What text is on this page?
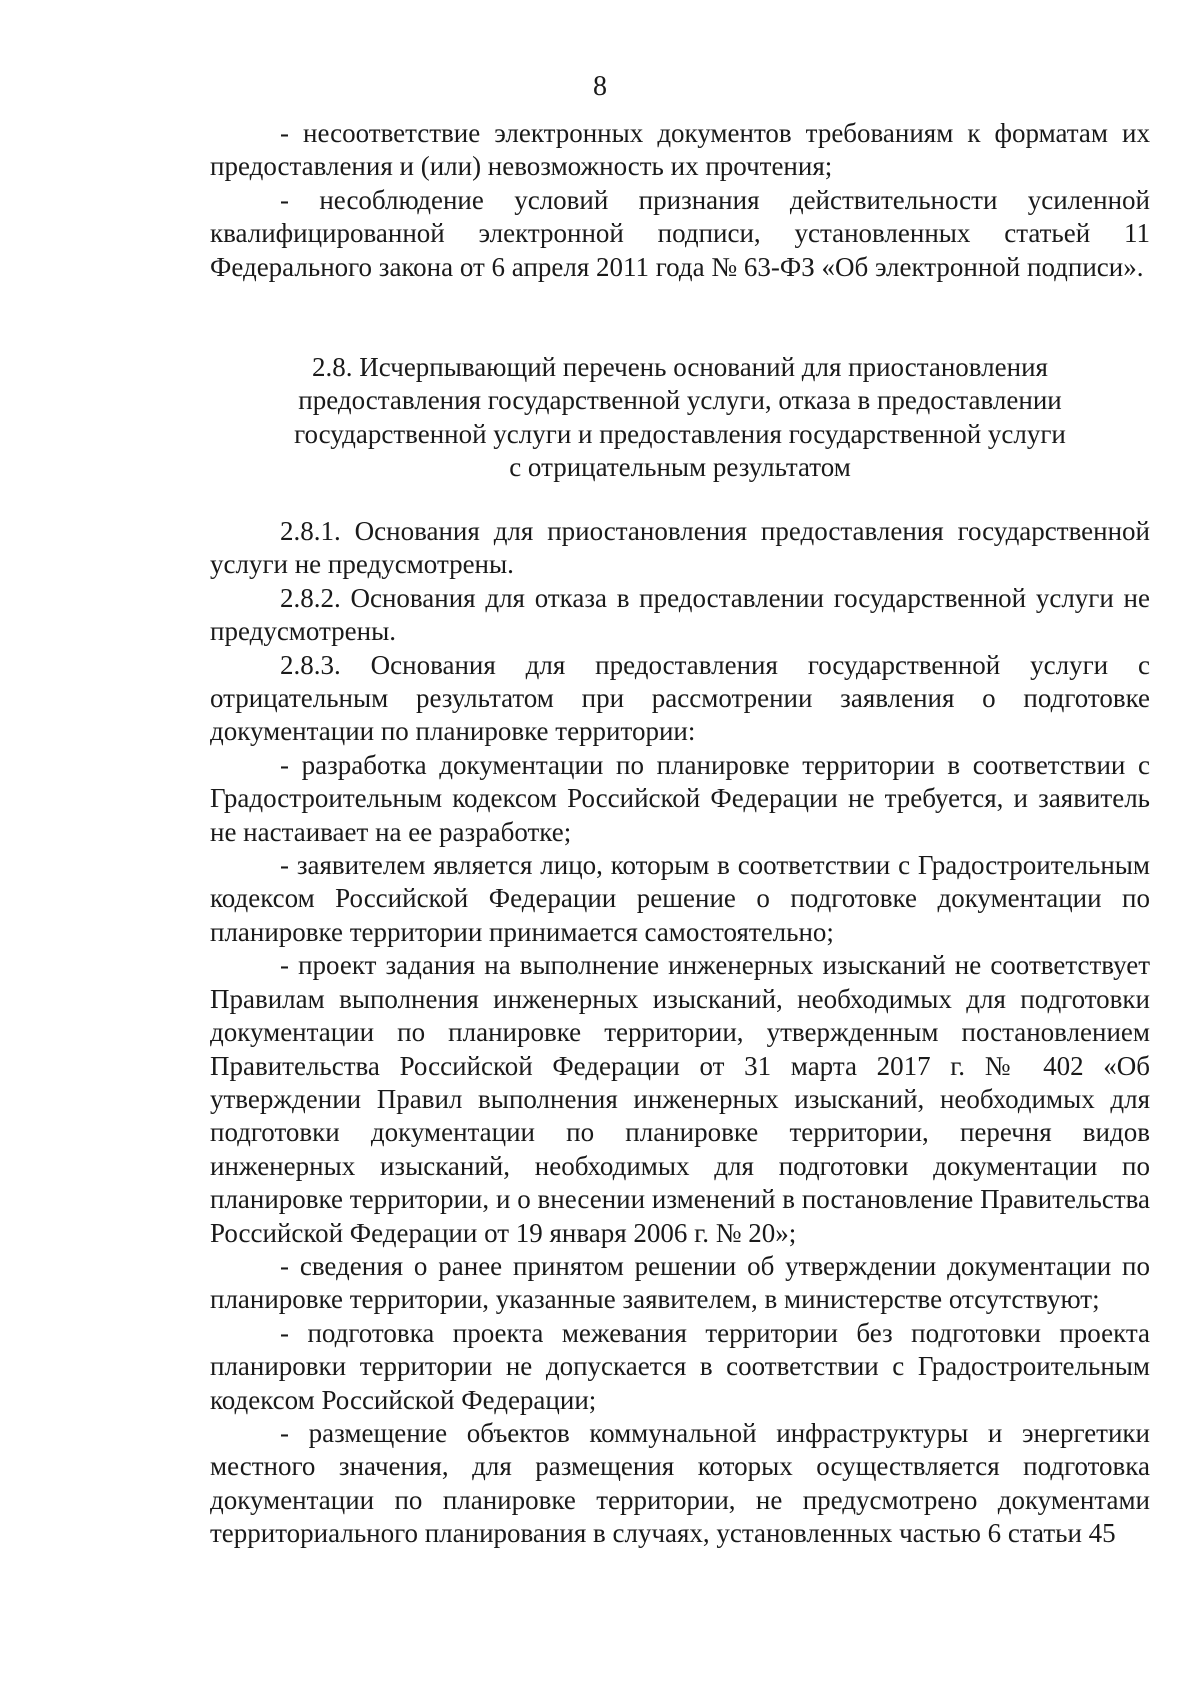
8

- несоответствие электронных документов требованиям к форматам их предоставления и (или) невозможность их прочтения;

- несоблюдение условий признания действительности усиленной квалифицированной электронной подписи, установленных статьей 11 Федерального закона от 6 апреля 2011 года № 63-ФЗ «Об электронной подписи».

2.8. Исчерпывающий перечень оснований для приостановления

предоставления государственной услуги, отказа в предоставлении

государственной услуги и предоставления государственной услуги

с отрицательным результатом

2.8.1. Основания для приостановления предоставления государственной услуги не предусмотрены.

2.8.2. Основания для отказа в предоставлении государственной услуги не предусмотрены.

2.8.3. Основания для предоставления государственной услуги с отрицательным результатом при рассмотрении заявления о подготовке документации по планировке территории:

- разработка документации по планировке территории в соответствии с Градостроительным кодексом Российской Федерации не требуется, и заявитель не настаивает на ее разработке;

- заявителем является лицо, которым в соответствии с Градостроительным кодексом Российской Федерации решение о подготовке документации по планировке территории принимается самостоятельно;

- проект задания на выполнение инженерных изысканий не соответствует Правилам выполнения инженерных изысканий, необходимых для подготовки документации по планировке территории, утвержденным постановлением Правительства Российской Федерации от 31 марта 2017 г. № 402 «Об утверждении Правил выполнения инженерных изысканий, необходимых для подготовки документации по планировке территории, перечня видов инженерных изысканий, необходимых для подготовки документации по планировке территории, и о внесении изменений в постановление Правительства Российской Федерации от 19 января 2006 г. № 20»;

- сведения о ранее принятом решении об утверждении документации по планировке территории, указанные заявителем, в министерстве отсутствуют;

- подготовка проекта межевания территории без подготовки проекта планировки территории не допускается в соответствии с Градостроительным кодексом Российской Федерации;

- размещение объектов коммунальной инфраструктуры и энергетики местного значения, для размещения которых осуществляется подготовка документации по планировке территории, не предусмотрено документами территориального планирования в случаях, установленных частью 6 статьи 45
